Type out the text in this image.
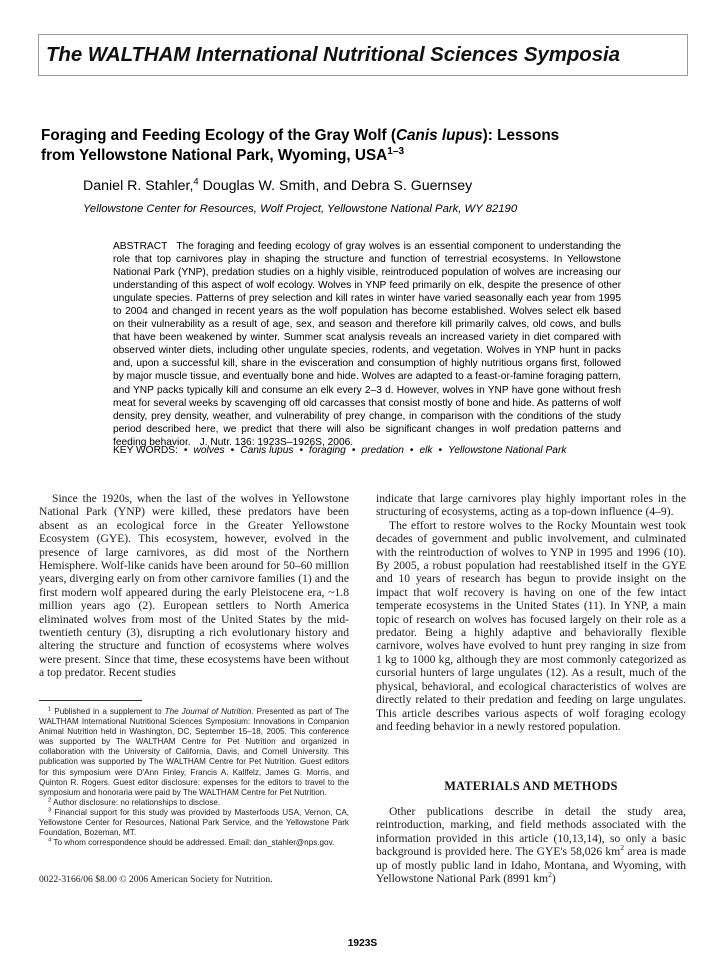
The WALTHAM International Nutritional Sciences Symposia
Foraging and Feeding Ecology of the Gray Wolf (Canis lupus): Lessons
from Yellowstone National Park, Wyoming, USA$^{1-3}$
Daniel R. Stahler,$^4$ Douglas W. Smith, and Debra S. Guernsey
Yellowstone Center for Resources, Wolf Project, Yellowstone National Park, WY 82190
ABSTRACT The foraging and feeding ecology of gray wolves is an essential component to understanding the role that top carnivores play in shaping the structure and function of terrestrial ecosystems. In Yellowstone National Park (YNP), predation studies on a highly visible, reintroduced population of wolves are increasing our understanding of this aspect of wolf ecology. Wolves in YNP feed primarily on elk, despite the presence of other ungulate species. Patterns of prey selection and kill rates in winter have varied seasonally each year from 1995 to 2004 and changed in recent years as the wolf population has become established. Wolves select elk based on their vulnerability as a result of age, sex, and season and therefore kill primarily calves, old cows, and bulls that have been weakened by winter. Summer scat analysis reveals an increased variety in diet compared with observed winter diets, including other ungulate species, rodents, and vegetation. Wolves in YNP hunt in packs and, upon a successful kill, share in the evisceration and consumption of highly nutritious organs first, followed by major muscle tissue, and eventually bone and hide. Wolves are adapted to a feast-or-famine foraging pattern, and YNP packs typically kill and consume an elk every 2–3 d. However, wolves in YNP have gone without fresh meat for several weeks by scavenging off old carcasses that consist mostly of bone and hide. As patterns of wolf density, prey density, weather, and vulnerability of prey change, in comparison with the conditions of the study period described here, we predict that there will also be significant changes in wolf predation patterns and feeding behavior. J. Nutr. 136: 1923S–1926S, 2006.
KEY WORDS: • wolves • Canis lupus • foraging • predation • elk • Yellowstone National Park

Since the 1920s, when the last of the wolves in Yellowstone National Park (YNP) were killed, these predators have been absent as an ecological force in the Greater Yellowstone Ecosystem (GYE). This ecosystem, however, evolved in the presence of large carnivores, as did most of the Northern Hemisphere. Wolf-like canids have been around for 50–60 million years, diverging early on from other carnivore families (1) and the first modern wolf appeared during the early Pleistocene era, ~1.8 million years ago (2). European settlers to North America eliminated wolves from most of the United States by the mid-twentieth century (3), disrupting a rich evolutionary history and altering the structure and function of ecosystems where wolves were present. Since that time, these ecosystems have been without a top predator. Recent studies

indicate that large carnivores play highly important roles in the structuring of ecosystems, acting as a top-down influence (4–9).

The effort to restore wolves to the Rocky Mountain west took decades of government and public involvement, and culminated with the reintroduction of wolves to YNP in 1995 and 1996 (10). By 2005, a robust population had reestablished itself in the GYE and 10 years of research has begun to provide insight on the impact that wolf recovery is having on one of the few intact temperate ecosystems in the United States (11). In YNP, a main topic of research on wolves has focused largely on their role as a predator. Being a highly adaptive and behaviorally flexible carnivore, wolves have evolved to hunt prey ranging in size from 1 kg to 1000 kg, although they are most commonly categorized as cursorial hunters of large ungulates (12). As a result, much of the physical, behavioral, and ecological characteristics of wolves are directly related to their predation and feeding on large ungulates. This article describes various aspects of wolf foraging ecology and feeding behavior in a newly restored population.

$^1$ Published in a supplement to The Journal of Nutrition. Presented as part of The WALTHAM International Nutritional Sciences Symposium: Innovations in Companion Animal Nutrition held in Washington, DC, September 15–18, 2005. This conference was supported by The WALTHAM Centre for Pet Nutrition and organized in collaboration with the University of California, Davis, and Cornell University. This publication was supported by The WALTHAM Centre for Pet Nutrition. Guest editors for this symposium were D'Ann Finley, Francis A. Kallfelz, James G. Morris, and Quinton R. Rogers. Guest editor disclosure: expenses for the editors to travel to the symposium and honoraria were paid by The WALTHAM Centre for Pet Nutrition.

$^2$ Author disclosure: no relationships to disclose.

$^3$ Financial support for this study was provided by Masterfoods USA, Vernon, CA, Yellowstone Center for Resources, National Park Service, and the Yellowstone Park Foundation, Bozeman, MT.

$^4$ To whom correspondence should be addressed. Email: dan_stahler@nps.gov.

MATERIALS AND METHODS

Other publications describe in detail the study area, reintroduction, marking, and field methods associated with the information provided in this article (10,13,14), so only a basic background is provided here. The GYE's 58,026 $km^2$ area is made up of mostly public land in Idaho, Montana, and Wyoming, with Yellowstone National Park (8991 $km^2$)

0022-3166/06 $8.00 © 2006 American Society for Nutrition.
1923S
